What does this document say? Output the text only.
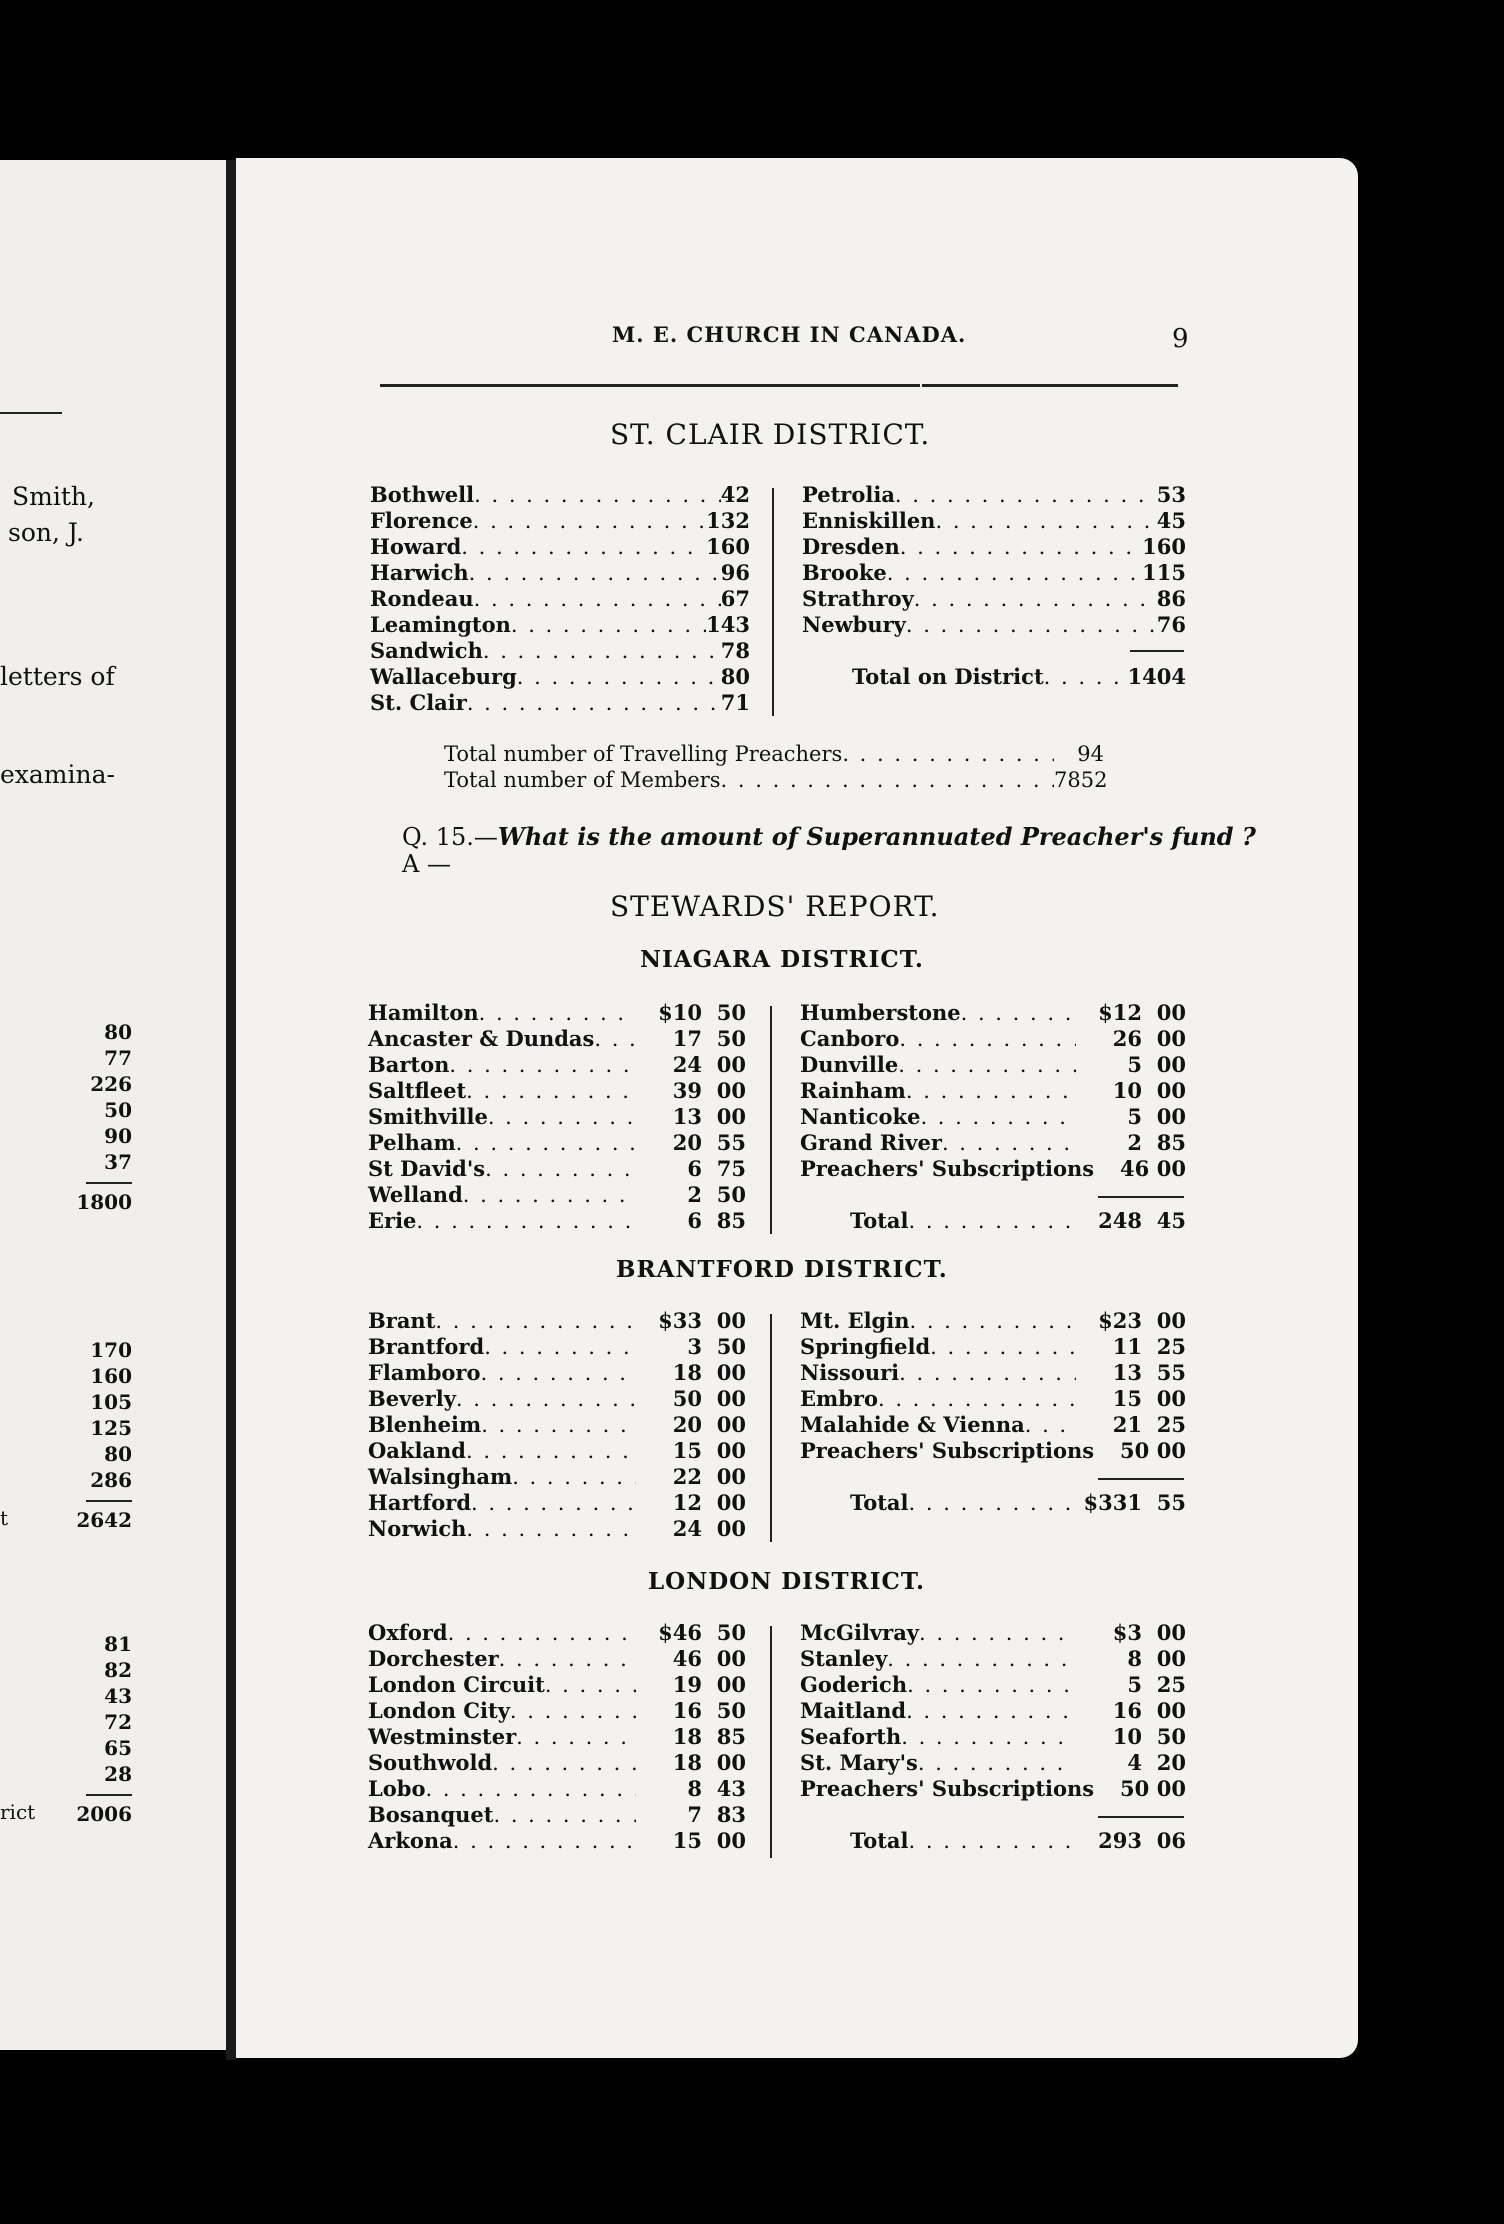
Smith,
son, J.
letters of
examina-
80
77
226
50
90
37
1800
170
160
105
125
80
286
2642
t
81
82
43
72
65
28
2006
rict
M. E. CHURCH IN CANADA.	9
ST. CLAIR DISTRICT.
Bothwell . . .	42
Florence . . .	132
Howard . . .	160
Harwich . . .	96
Rondeau . . .	67
Leamington . . .	143
Sandwich . . .	78
Wallaceburg . . .	80
St. Clair . . .	71
Petrolia . . .	53
Enniskillen . . .	45
Dresden . . .	160
Brooke . . .	115
Strathroy . . .	86
Newbury . . .	76
Total on District . . .	1404
Total number of Travelling Preachers . . .	94
Total number of Members . . .	7852
Q. 15.—What is the amount of Superannuated Preacher's fund ?
A —
STEWARDS' REPORT.
NIAGARA DISTRICT.
Hamilton . . .	$10 50
Ancaster & Dundas . . .	17 50
Barton . . .	24 00
Saltfleet . . .	39 00
Smithville . . .	13 00
Pelham . . .	20 55
St David's . . .	6 75
Welland . . .	2 50
Erie . . .	6 85
Humberstone . . .	$12 00
Canboro . . .	26 00
Dunville . . .	5 00
Rainham . . .	10 00
Nanticoke . . .	5 00
Grand River . . .	2 85
Preachers' Subscriptions	46 00
Total . . .	248 45
BRANTFORD DISTRICT.
Brant . . .	$33 00
Brantford . . .	3 50
Flamboro . . .	18 00
Beverly . . .	50 00
Blenheim . . .	20 00
Oakland . . .	15 00
Walsingham . . .	22 00
Hartford . . .	12 00
Norwich . . .	24 00
Mt. Elgin . . .	$23 00
Springfield . . .	11 25
Nissouri . . .	13 55
Embro . . .	15 00
Malahide & Vienna . . .	21 25
Preachers' Subscriptions	50 00
Total . . .	$331 55
LONDON DISTRICT.
Oxford . . .	$46 50
Dorchester . . .	46 00
London Circuit . . .	19 00
London City . . .	16 50
Westminster . . .	18 85
Southwold . . .	18 00
Lobo . . .	8 43
Bosanquet . . .	7 83
Arkona . . .	15 00
McGilvray . . .	$3 00
Stanley . . .	8 00
Goderich . . .	5 25
Maitland . . .	16 00
Seaforth . . .	10 50
St. Mary's . . .	4 20
Preachers' Subscriptions	50 00
Total . . .	293 06
